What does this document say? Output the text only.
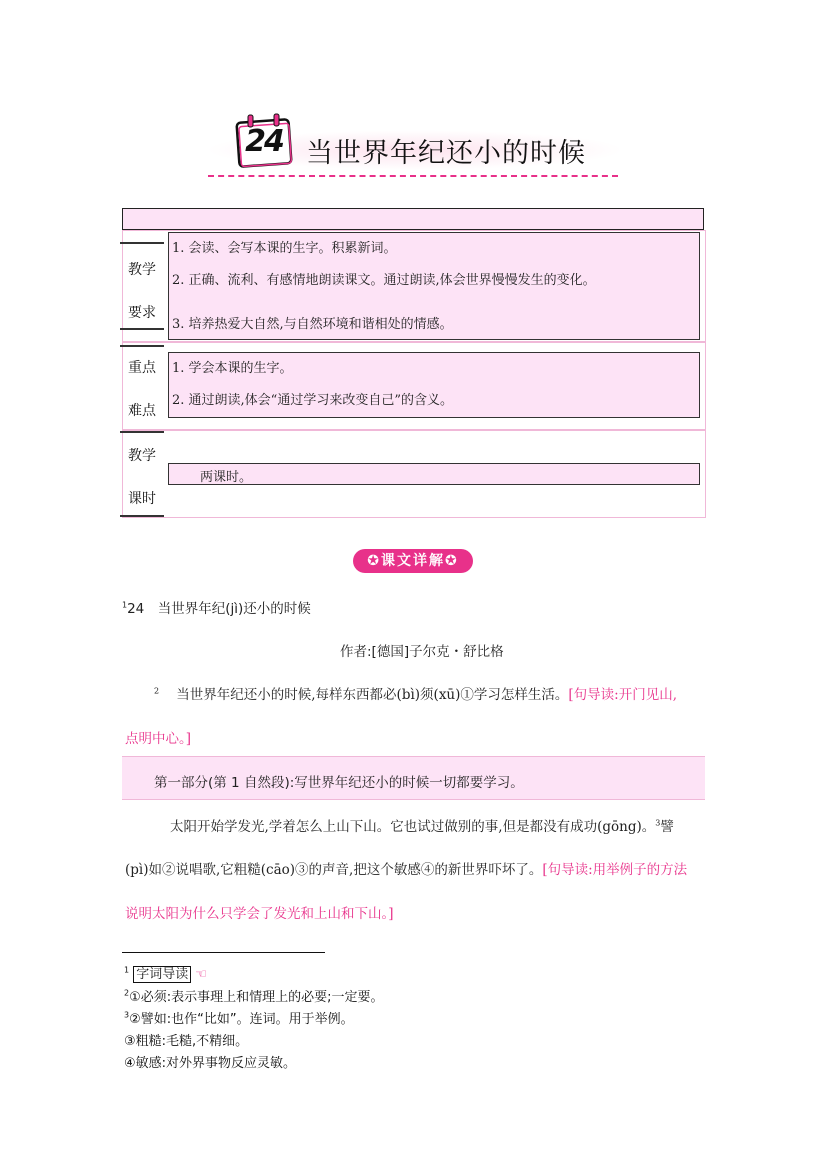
24 当世界年纪还小的时候
教学
要求
1. 会读、会写本课的生字。积累新词。
2. 正确、流利、有感情地朗读课文。通过朗读,体会世界慢慢发生的变化。
3. 培养热爱大自然,与自然环境和谐相处的情感。
重点
难点
1. 学会本课的生字。
2. 通过朗读,体会“通过学习来改变自己”的含义。
教学
课时
两课时。
✪课文详解✪
$^1$24　当世界年纪(jì)还小的时候
作者:[德国]子尔克・舒比格
$^2$ 当世界年纪还小的时候,每样东西都必(bì)须(xū)①学习怎样生活。[句导读:开门见山,
点明中心。]
第一部分(第 1 自然段):写世界年纪还小的时候一切都要学习。
太阳开始学发光,学着怎么上山下山。它也试过做别的事,但是都没有成功(gōng)。$^3$譬
(pì)如②说唱歌,它粗糙(cāo)③的声音,把这个敏感④的新世界吓坏了。[句导读:用举例子的方法
说明太阳为什么只学会了发光和上山和下山。]
$^1$ 字词导读 ☜
$^2$①必须:表示事理上和情理上的必要;一定要。
$^3$②譬如:也作“比如”。连词。用于举例。
③粗糙:毛糙,不精细。
④敏感:对外界事物反应灵敏。
